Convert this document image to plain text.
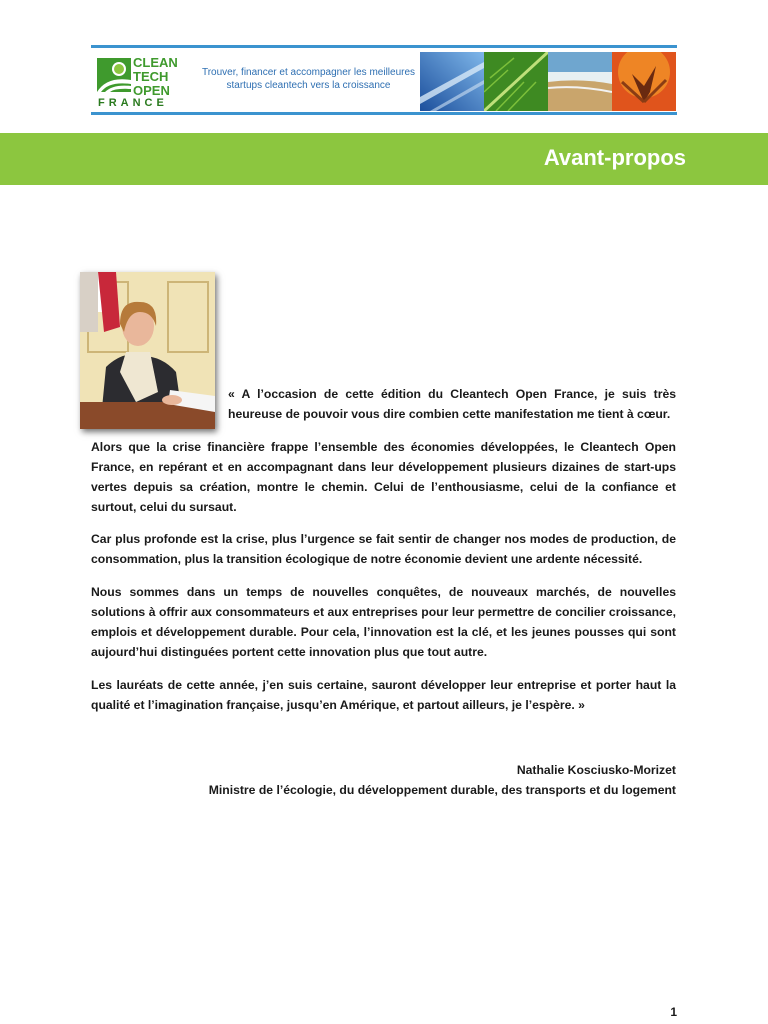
CLEAN
TECH
OPEN
FRANCE
Trouver, financer et accompagner les meilleures
startups cleantech vers la croissance
Avant-propos

« A l’occasion de cette édition du Cleantech Open France, je suis très heureuse de pouvoir vous dire combien cette manifestation me tient à cœur.

Alors que la crise financière frappe l’ensemble des économies développées, le Cleantech Open France, en repérant et en accompagnant dans leur développement plusieurs dizaines de start-ups vertes depuis sa création, montre le chemin. Celui de l’enthousiasme, celui de la confiance et surtout, celui du sursaut.

Car plus profonde est la crise, plus l’urgence se fait sentir de changer nos modes de production, de consommation, plus la transition écologique de notre économie devient une ardente nécessité.

Nous sommes dans un temps de nouvelles conquêtes, de nouveaux marchés, de nouvelles solutions à offrir aux consommateurs et aux entreprises pour leur permettre de concilier croissance, emplois et développement durable. Pour cela, l’innovation est la clé, et les jeunes pousses qui sont aujourd’hui distinguées portent cette innovation plus que tout autre.

Les lauréats de cette année, j’en suis certaine, sauront développer leur entreprise et porter haut la qualité et l’imagination française, jusqu’en Amérique, et partout ailleurs, je l’espère. »

Nathalie Kosciusko-Morizet
Ministre de l’écologie, du développement durable, des transports et du logement
1
